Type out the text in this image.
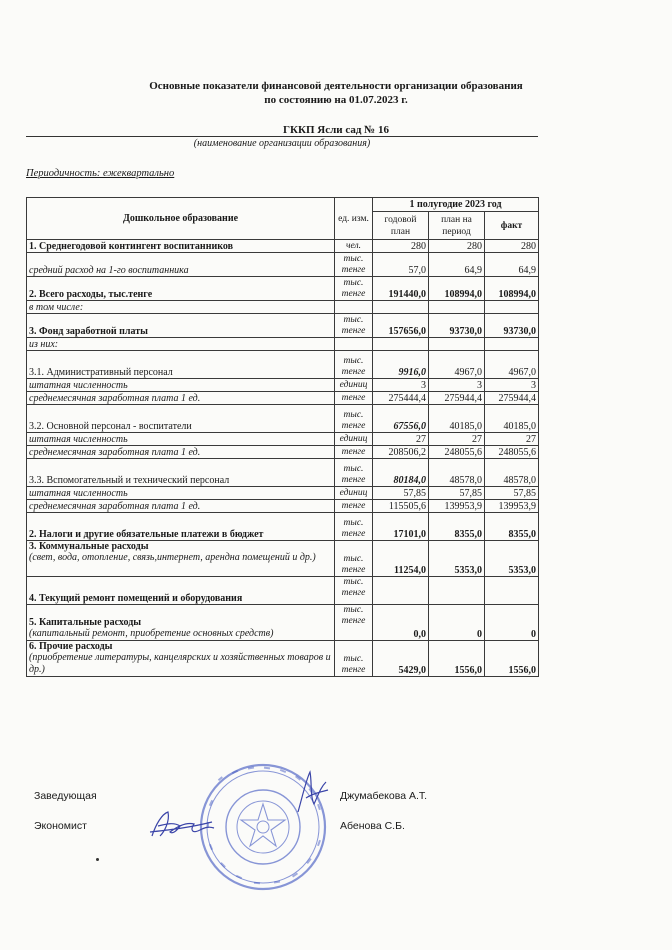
Основные показатели финансовой деятельности организации образования
по состоянию на 01.07.2023 г.
ГККП Ясли сад № 16
(наименование организации образования)
Периодичность: ежеквартально
Дошкольное образование	ед. изм.	1 полугодие 2023 год		
		годовой план	план на период	факт
1. Среднегодовой контингент воспитанников	чел.	280	280	280
средний расход на 1-го воспитанника	тыс. тенге	57,0	64,9	64,9
2. Всего расходы, тыс.тенге	тыс. тенге	191440,0	108994,0	108994,0
в том числе:				
3. Фонд заработной платы	тыс. тенге	157656,0	93730,0	93730,0
из них:				
3.1. Административный персонал	тыс. тенге	9916,0	4967,0	4967,0
штатная численность	единиц	3	3	3
среднемесячная заработная плата 1 ед.	тенге	275444,4	275944,4	275944,4
3.2. Основной персонал - воспитатели	тыс. тенге	67556,0	40185,0	40185,0
штатная численность	единиц	27	27	27
среднемесячная заработная плата 1 ед.	тенге	208506,2	248055,6	248055,6
3.3. Вспомогательный и технический персонал	тыс. тенге	80184,0	48578,0	48578,0
штатная численность	единиц	57,85	57,85	57,85
среднемесячная заработная плата 1 ед.	тенге	115505,6	139953,9	139953,9
2. Налоги и другие обязательные платежи в бюджет	тыс. тенге	17101,0	8355,0	8355,0
3. Коммунальные расходы
(свет, вода, отопление, связь,интернет, арендна помещений и др.)	тыс. тенге	11254,0	5353,0	5353,0
4. Текущий ремонт помещений и оборудования	тыс. тенге			
5. Капитальные расходы
(капитальный ремонт, приобретение основных средств)	тыс. тенге	0,0	0	0
6. Прочие расходы
(приобретение литературы, канцелярских и хозяйственных товаров и др.)	тыс. тенге	5429,0	1556,0	1556,0
Заведующая	Джумабекова А.Т.
Экономист	Абенова С.Б.
